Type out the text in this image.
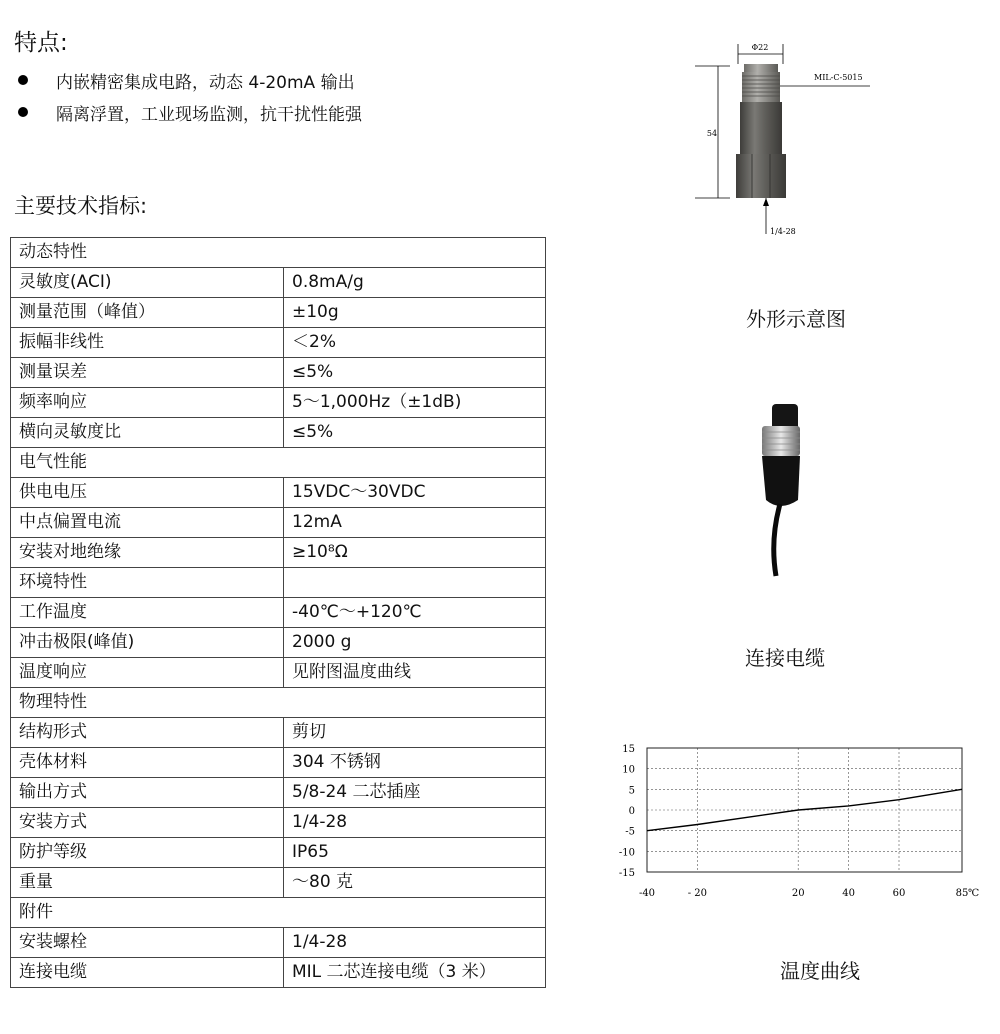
特点:
内嵌精密集成电路，动态 4-20mA 输出
隔离浮置，工业现场监测，抗干扰性能强
主要技术指标:
动态特性	
灵敏度(ACI)	0.8mA/g
测量范围（峰值）	±10g
振幅非线性	＜2%
测量误差	≤5%
频率响应	5～1,000Hz（±1dB)
横向灵敏度比	≤5%
电气性能	
供电电压	15VDC～30VDC
中点偏置电流	12mA
安装对地绝缘	≥10⁸Ω
环境特性	
工作温度	-40℃～+120℃
冲击极限(峰值)	2000 g
温度响应	见附图温度曲线
物理特性	
结构形式	剪切
壳体材料	304 不锈钢
输出方式	5/8-24 二芯插座
安装方式	1/4-28
防护等级	IP65
重量	～80 克
附件	
安装螺栓	1/4-28
连接电缆	MIL 二芯连接电缆（3 米）
Φ22
54
MIL-C-5015
1/4-28
外形示意图
连接电缆
15
10
5
0
-5
-10
-15
-40	- 20	20	40	60	85 ℃
温度曲线
